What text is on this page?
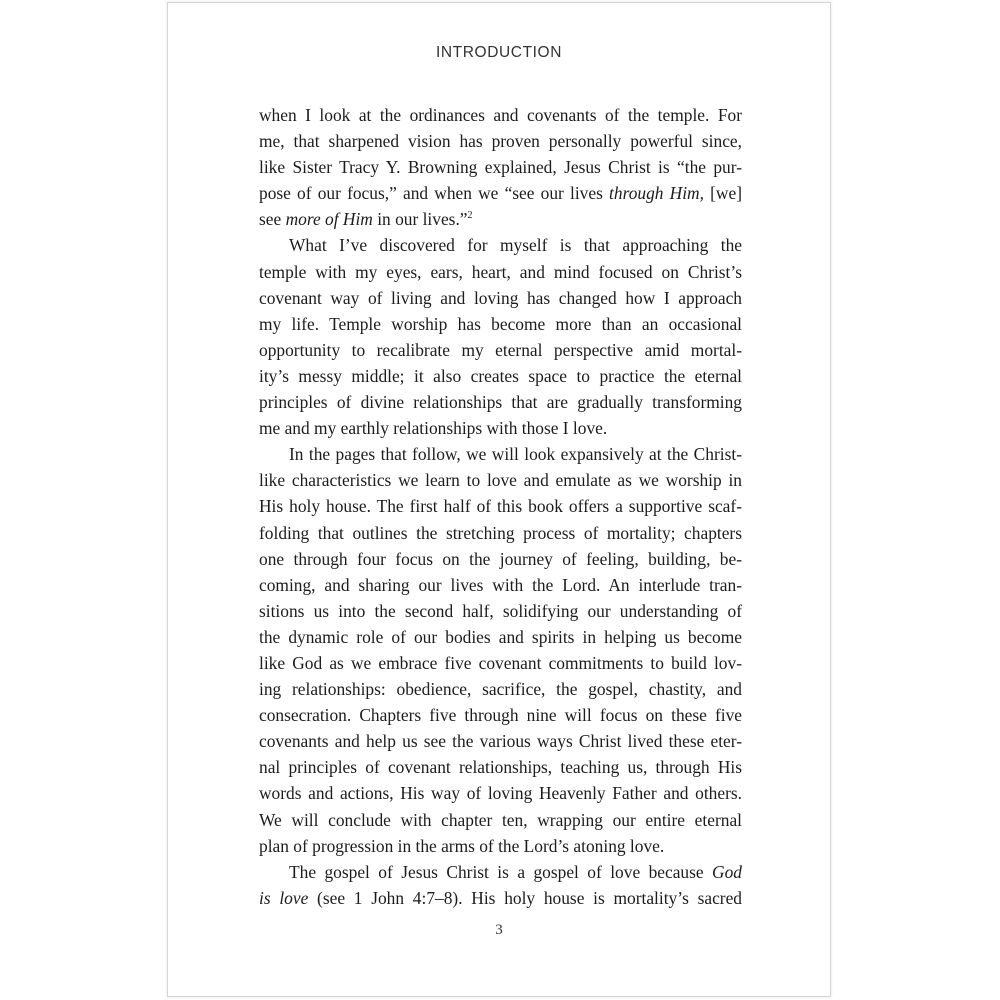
INTRODUCTION

when I look at the ordinances and covenants of the temple. For
me, that sharpened vision has proven personally powerful since,
like Sister Tracy Y. Browning explained, Jesus Christ is “the pur-
pose of our focus,” and when we “see our lives through Him, [we]
see more of Him in our lives.”$^2$

What I’ve discovered for myself is that approaching the
temple with my eyes, ears, heart, and mind focused on Christ’s
covenant way of living and loving has changed how I approach
my life. Temple worship has become more than an occasional
opportunity to recalibrate my eternal perspective amid mortal-
ity’s messy middle; it also creates space to practice the eternal
principles of divine relationships that are gradually transforming
me and my earthly relationships with those I love.

In the pages that follow, we will look expansively at the Christ-
like characteristics we learn to love and emulate as we worship in
His holy house. The first half of this book offers a supportive scaf-
folding that outlines the stretching process of mortality; chapters
one through four focus on the journey of feeling, building, be-
coming, and sharing our lives with the Lord. An interlude tran-
sitions us into the second half, solidifying our understanding of
the dynamic role of our bodies and spirits in helping us become
like God as we embrace five covenant commitments to build lov-
ing relationships: obedience, sacrifice, the gospel, chastity, and
consecration. Chapters five through nine will focus on these five
covenants and help us see the various ways Christ lived these eter-
nal principles of covenant relationships, teaching us, through His
words and actions, His way of loving Heavenly Father and others.
We will conclude with chapter ten, wrapping our entire eternal
plan of progression in the arms of the Lord’s atoning love.

The gospel of Jesus Christ is a gospel of love because God
is love (see 1 John 4:7–8). His holy house is mortality’s sacred

3
